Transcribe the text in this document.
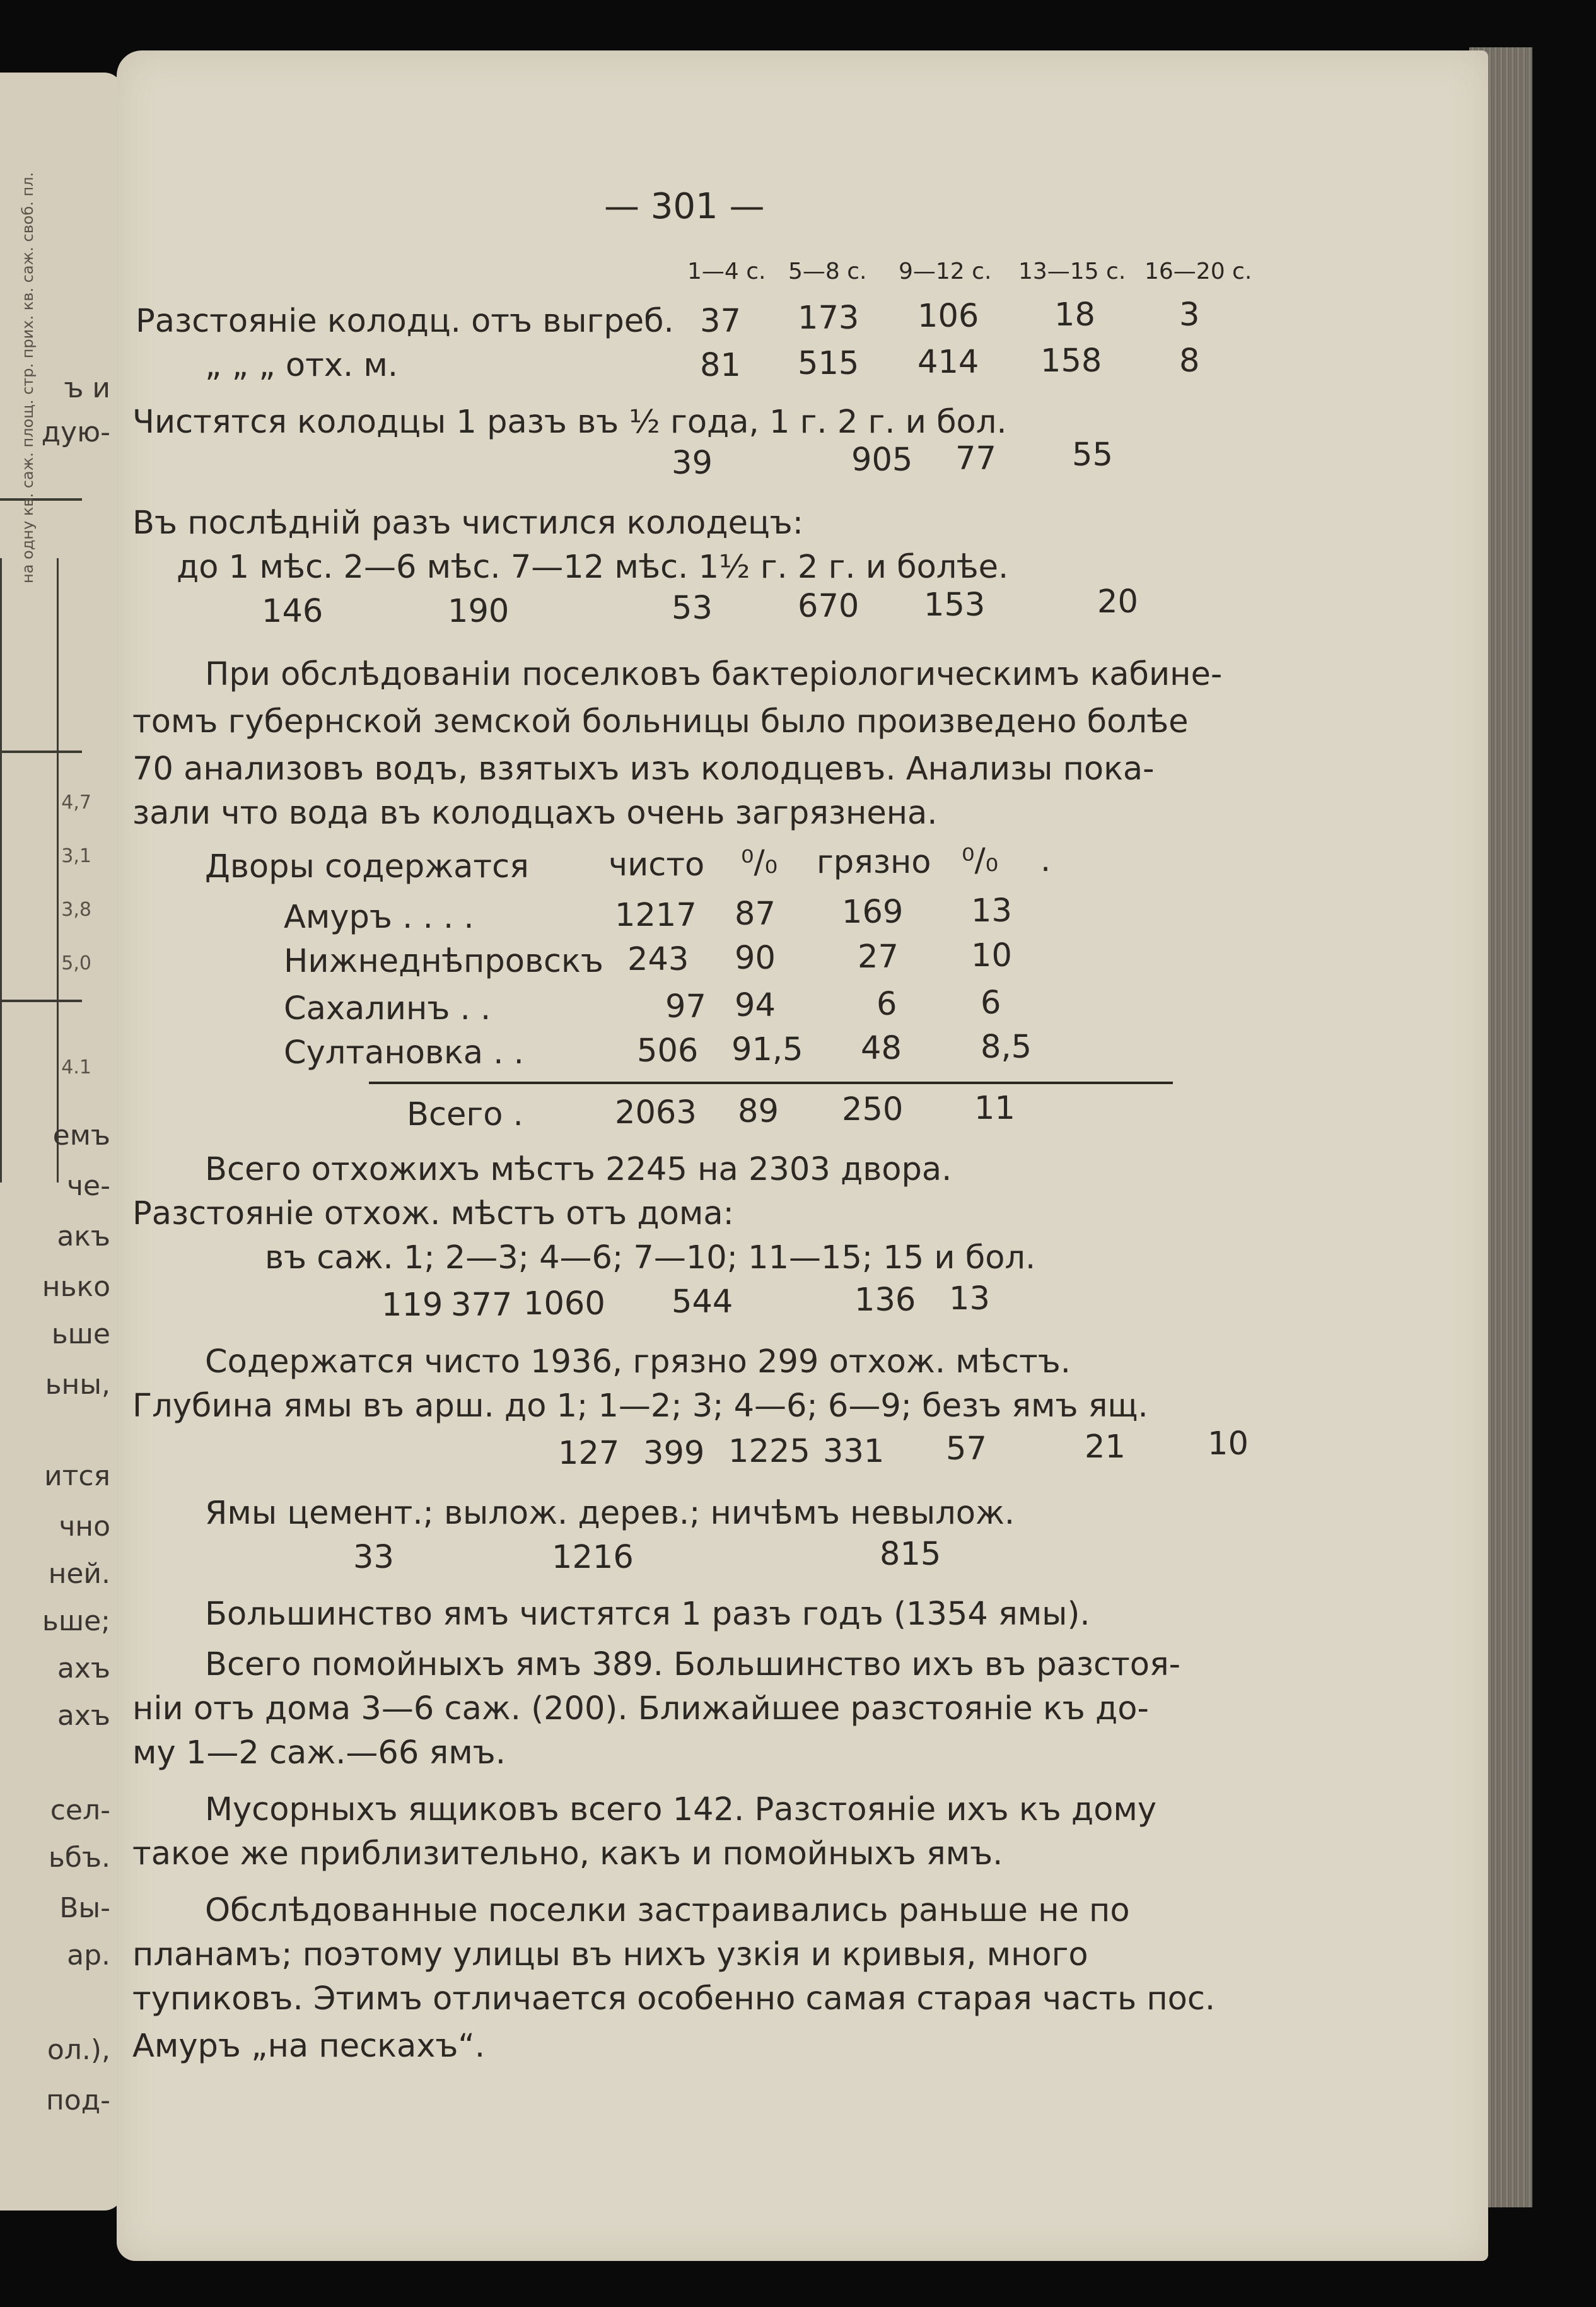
на одну кв. саж. площ. стр. прих. кв. саж. своб. пл. ъ и
дую-
4,7
3,1
3,8
5,0
4.1
емъ
че-
акъ
нько
ьше
ьны,
ится
чно
ней.
ьше;
ахъ
ахъ
сел-
ьбъ.
Вы-
ар.
ол.),
под-
— 301 —
1—4 с. 5—8 с. 9—12 с. 13—15 с. 16—20 с.
Разстояніе колодц. отъ выгреб. 37 173 106 18	3
„ „ „ отх. м.	81 515 414 158 8
Чистятся колодцы 1 разъ въ ½ года, 1 г. 2 г. и бол.
39	905 77 55
Въ послѣдній разъ чистился колодецъ:
до 1 мѣс. 2—6 мѣс. 7—12 мѣс. 1½ г. 2 г. и болѣе.
146	190	53	670 153	20
При обслѣдованіи поселковъ бактеріологическимъ кабине-
томъ губернской земской больницы было произведено болѣе
70 анализовъ водъ, взятыхъ изъ колодцевъ. Анализы пока-
зали что вода въ колодцахъ очень загрязнена.
Дворы содержатся чисто ⁰/₀ грязно ⁰/₀ .
Амуръ . . . .	1217 87 169 13
Нижнеднѣпровскъ 243 90	27 10
Сахалинъ . .	97 94	6	6
Султановка . .	506 91,5 48 8,5
Всего .	2063 89 250 11
Всего отхожихъ мѣстъ 2245 на 2303 двора.
Разстояніе отхож. мѣстъ отъ дома:
въ саж. 1; 2—3; 4—6; 7—10; 11—15; 15 и бол.
119 377 1060 544	136 13
Содержатся чисто 1936, грязно 299 отхож. мѣстъ.
Глубина ямы въ арш. до 1; 1—2; 3; 4—6; 6—9; безъ ямъ ящ.
127 399 1225 331 57	21	10
Ямы цемент.; вылож. дерев.; ничѣмъ невылож.
33	1216	815
Большинство ямъ чистятся 1 разъ годъ (1354 ямы).
Всего помойныхъ ямъ 389. Большинство ихъ въ разстоя-
ніи отъ дома 3—6 саж. (200). Ближайшее разстояніе къ до-
му 1—2 саж.—66 ямъ.
Мусорныхъ ящиковъ всего 142. Разстояніе ихъ къ дому
такое же приблизительно, какъ и помойныхъ ямъ.
Обслѣдованные поселки застраивались раньше не по
планамъ; поэтому улицы въ нихъ узкія и кривыя, много
тупиковъ. Этимъ отличается особенно самая старая часть пос.
Амуръ „на пескахъ“.
